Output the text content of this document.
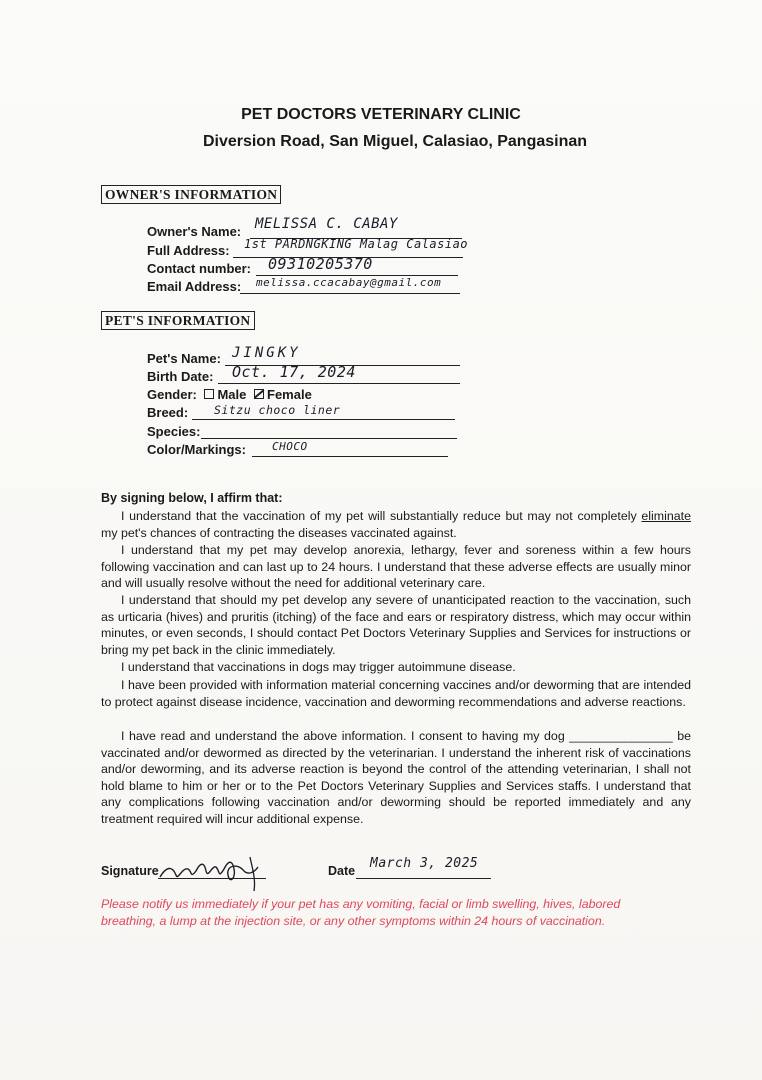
PET DOCTORS VETERINARY CLINIC
Diversion Road, San Miguel, Calasiao, Pangasinan
OWNER'S INFORMATION
Owner's Name: MELISSA C. CABAY
Full Address: 1st PARDNGKING Malag Calasiao
Contact number: 09310205370
Email Address: melissa.ccacabay@gmail.com
PET'S INFORMATION
Pet's Name: JINGKY
Birth Date: Oct. 17, 2024
Gender: Male Female
Breed: Sitzu choco liner
Species:
Color/Markings: CHOCO
By signing below, I affirm that:

I understand that the vaccination of my pet will substantially reduce but may not completely eliminate my pet's chances of contracting the diseases vaccinated against.

I understand that my pet may develop anorexia, lethargy, fever and soreness within a few hours following vaccination and can last up to 24 hours. I understand that these adverse effects are usually minor and will usually resolve without the need for additional veterinary care.

I understand that should my pet develop any severe of unanticipated reaction to the vaccination, such as urticaria (hives) and pruritis (itching) of the face and ears or respiratory distress, which may occur within minutes, or even seconds, I should contact Pet Doctors Veterinary Supplies and Services for instructions or bring my pet back in the clinic immediately.

I understand that vaccinations in dogs may trigger autoimmune disease.

I have been provided with information material concerning vaccines and/or deworming that are intended to protect against disease incidence, vaccination and deworming recommendations and adverse reactions.

I have read and understand the above information. I consent to having my dog _______________ be vaccinated and/or dewormed as directed by the veterinarian. I understand the inherent risk of vaccinations and/or deworming, and its adverse reaction is beyond the control of the attending veterinarian, I shall not hold blame to him or her or to the Pet Doctors Veterinary Supplies and Services staffs. I understand that any complications following vaccination and/or deworming should be reported immediately and any treatment required will incur additional expense.

Signature	Date March 3, 2025
Please notify us immediately if your pet has any vomiting, facial or limb swelling, hives, labored breathing, a lump at the injection site, or any other symptoms within 24 hours of vaccination.
